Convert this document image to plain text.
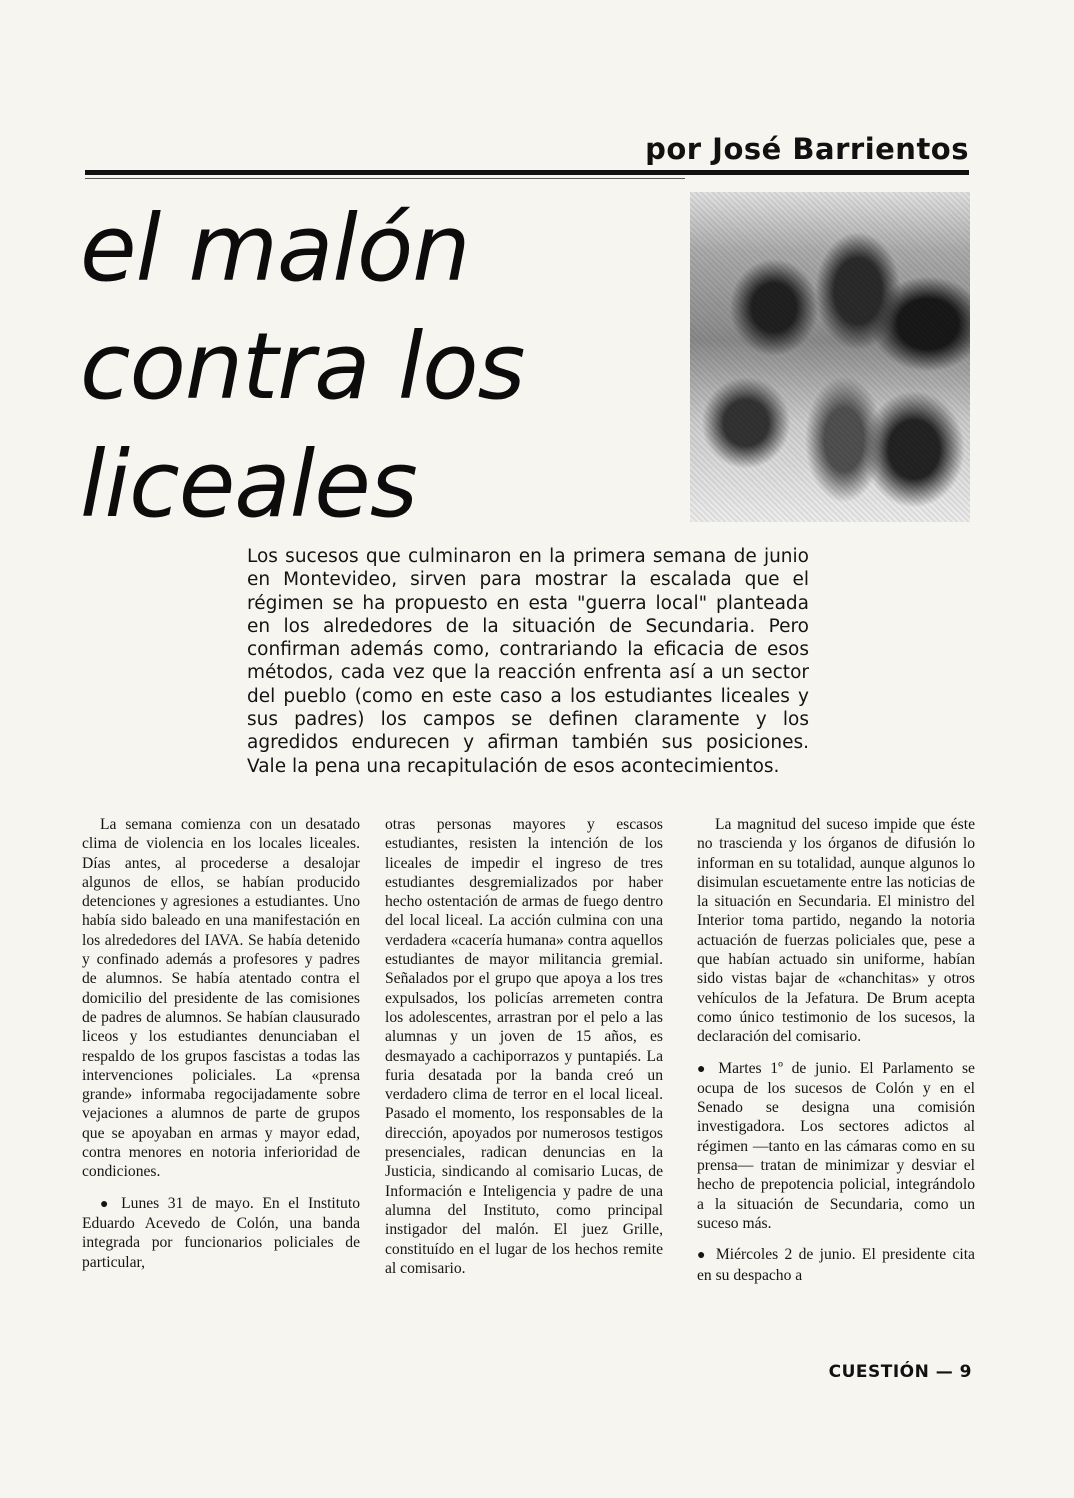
por José Barrientos
el malón
contra los
liceales
Los sucesos que culminaron en la primera semana de junio en Montevideo, sirven para mostrar la escalada que el régimen se ha propuesto en esta "guerra local" planteada en los alrededores de la situación de Secundaria. Pero confirman además como, contrariando la eficacia de esos métodos, cada vez que la reacción enfrenta así a un sector del pueblo (como en este caso a los estudiantes liceales y sus padres) los campos se definen claramente y los agredidos endurecen y afirman también sus posiciones. Vale la pena una recapitulación de esos acontecimientos.

La semana comienza con un desatado clima de violencia en los locales liceales. Días antes, al procederse a desalojar algunos de ellos, se habían producido detenciones y agresiones a estudiantes. Uno había sido baleado en una manifestación en los alrededores del IAVA. Se había detenido y confinado además a profesores y padres de alumnos. Se había atentado contra el domicilio del presidente de las comisiones de padres de alumnos. Se habían clausurado liceos y los estudiantes denunciaban el respaldo de los grupos fascistas a todas las intervenciones policiales. La «prensa grande» informaba regocijadamente sobre vejaciones a alumnos de parte de grupos que se apoyaban en armas y mayor edad, contra menores en notoria inferioridad de condiciones.

● Lunes 31 de mayo. En el Instituto Eduardo Acevedo de Colón, una banda integrada por funcionarios policiales de particular,

otras personas mayores y escasos estudiantes, resisten la intención de los liceales de impedir el ingreso de tres estudiantes desgremializados por haber hecho ostentación de armas de fuego dentro del local liceal. La acción culmina con una verdadera «cacería humana» contra aquellos estudiantes de mayor militancia gremial. Señalados por el grupo que apoya a los tres expulsados, los policías arremeten contra los adolescentes, arrastran por el pelo a las alumnas y un joven de 15 años, es desmayado a cachiporrazos y puntapiés. La furia desatada por la banda creó un verdadero clima de terror en el local liceal. Pasado el momento, los responsables de la dirección, apoyados por numerosos testigos presenciales, radican denuncias en la Justicia, sindicando al comisario Lucas, de Información e Inteligencia y padre de una alumna del Instituto, como principal instigador del malón. El juez Grille, constituído en el lugar de los hechos remite al comisario.

La magnitud del suceso impide que éste no trascienda y los órganos de difusión lo informan en su totalidad, aunque algunos lo disimulan escuetamente entre las noticias de la situación en Secundaria. El ministro del Interior toma partido, negando la notoria actuación de fuerzas policiales que, pese a que habían actuado sin uniforme, habían sido vistas bajar de «chanchitas» y otros vehículos de la Jefatura. De Brum acepta como único testimonio de los sucesos, la declaración del comisario.

● Martes 1º de junio. El Parlamento se ocupa de los sucesos de Colón y en el Senado se designa una comisión investigadora. Los sectores adictos al régimen —tanto en las cámaras como en su prensa— tratan de minimizar y desviar el hecho de prepotencia policial, integrándolo a la situación de Secundaria, como un suceso más.

● Miércoles 2 de junio. El presidente cita en su despacho a

CUESTIÓN — 9
